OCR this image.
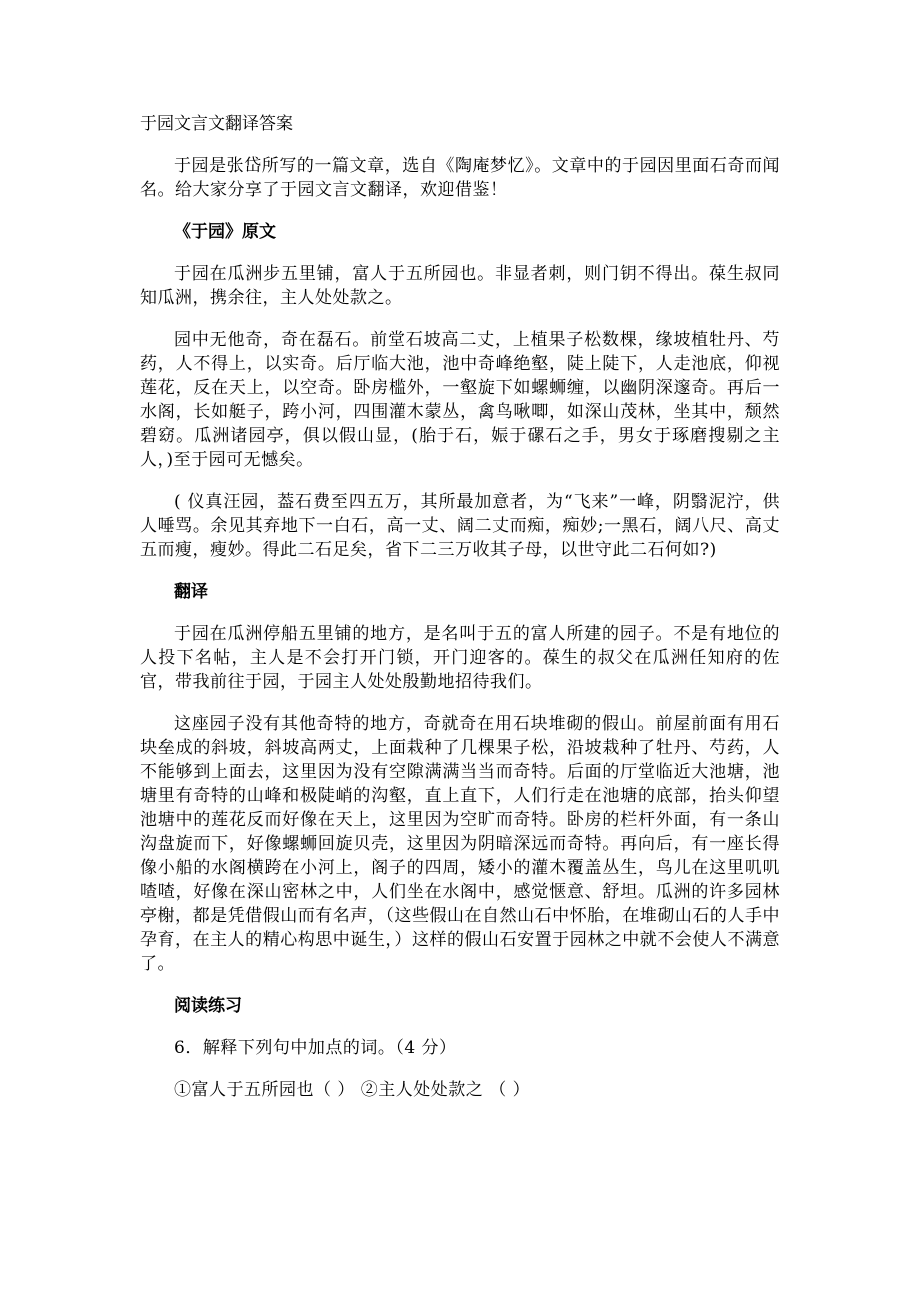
于园文言文翻译答案

于园是张岱所写的一篇文章，选自《陶庵梦忆》。文章中的于园因里面石奇而闻名。给大家分享了于园文言文翻译，欢迎借鉴！

《于园》原文

于园在瓜洲步五里铺，富人于五所园也。非显者刺，则门钥不得出。葆生叔同知瓜洲，携余往，主人处处款之。

园中无他奇，奇在磊石。前堂石坡高二丈，上植果子松数棵，缘坡植牡丹、芍药，人不得上，以实奇。后厅临大池，池中奇峰绝壑，陡上陡下，人走池底，仰视莲花，反在天上，以空奇。卧房槛外，一壑旋下如螺蛳缠，以幽阴深邃奇。再后一水阁，长如艇子，跨小河，四围灌木蒙丛，禽鸟啾唧，如深山茂林，坐其中，颓然碧窈。瓜洲诸园亭，俱以假山显，(胎于石，娠于磥石之手，男女于琢磨搜剔之主人，)至于园可无憾矣。

( 仪真汪园，葢石费至四五万，其所最加意者，为“飞来”一峰，阴翳泥泞，供人唾骂。余见其弃地下一白石，高一丈、阔二丈而痴，痴妙;一黑石，阔八尺、高丈五而瘦，瘦妙。得此二石足矣，省下二三万收其子母，以世守此二石何如?)

翻译

于园在瓜洲停船五里铺的地方，是名叫于五的富人所建的园子。不是有地位的人投下名帖，主人是不会打开门锁，开门迎客的。葆生的叔父在瓜洲任知府的佐官，带我前往于园，于园主人处处殷勤地招待我们。

这座园子没有其他奇特的地方，奇就奇在用石块堆砌的假山。前屋前面有用石块垒成的斜坡，斜坡高两丈，上面栽种了几棵果子松，沿坡栽种了牡丹、芍药，人不能够到上面去，这里因为没有空隙满满当当而奇特。后面的厅堂临近大池塘，池塘里有奇特的山峰和极陡峭的沟壑，直上直下，人们行走在池塘的底部，抬头仰望池塘中的莲花反而好像在天上，这里因为空旷而奇特。卧房的栏杆外面，有一条山沟盘旋而下，好像螺蛳回旋贝壳，这里因为阴暗深远而奇特。再向后，有一座长得像小船的水阁横跨在小河上，阁子的四周，矮小的灌木覆盖丛生，鸟儿在这里叽叽喳喳，好像在深山密林之中，人们坐在水阁中，感觉惬意、舒坦。瓜洲的许多园林亭榭，都是凭借假山而有名声，（这些假山在自然山石中怀胎，在堆砌山石的人手中孕育，在主人的精心构思中诞生，）这样的假山石安置于园林之中就不会使人不满意了。

阅读练习

6．解释下列句中加点的词。（4 分）

①富人于五所园也（ ） ②主人处处款之 （ ）
